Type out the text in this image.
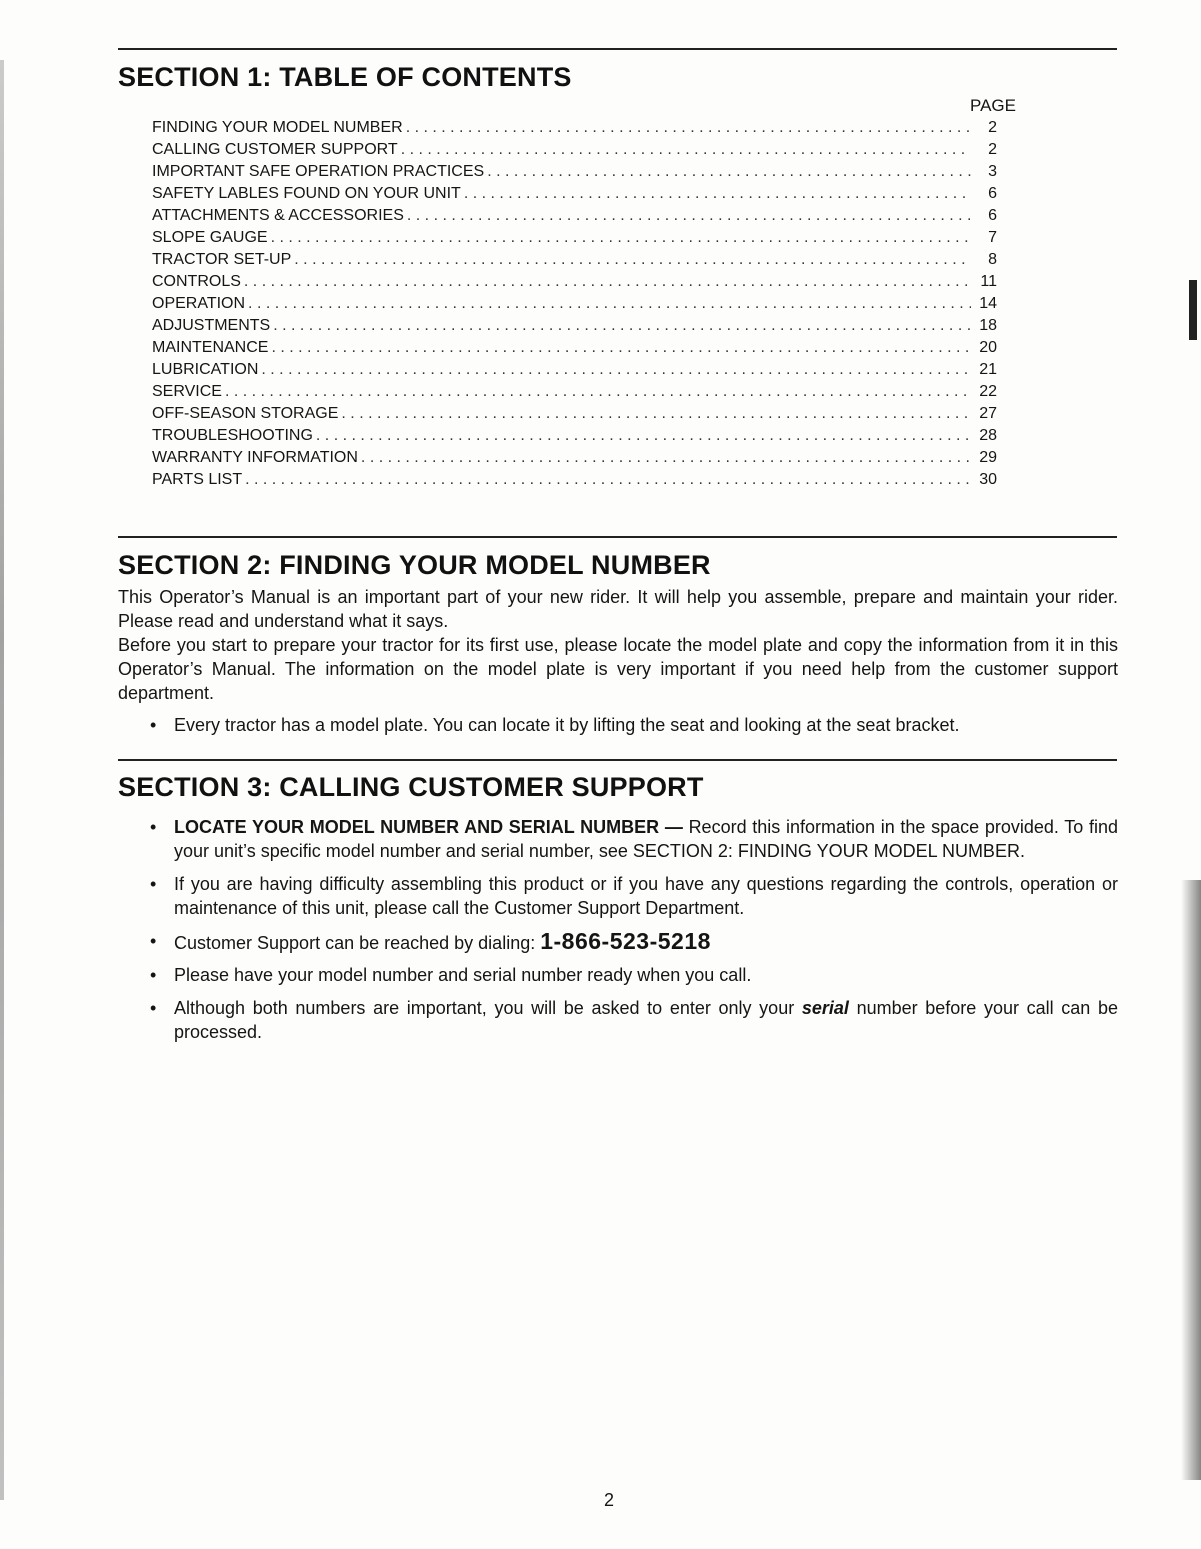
SECTION 1: TABLE OF CONTENTS
PAGE
FINDING YOUR MODEL NUMBER . . .	2
CALLING CUSTOMER SUPPORT . . .	2
IMPORTANT SAFE OPERATION PRACTICES . . .	3
SAFETY LABLES FOUND ON YOUR UNIT . . .	6
ATTACHMENTS & ACCESSORIES . . .	6
SLOPE GAUGE . . .	7
TRACTOR SET-UP . . .	8
CONTROLS . . .	11
OPERATION . . .	14
ADJUSTMENTS . . .	18
MAINTENANCE . . .	20
LUBRICATION . . .	21
SERVICE . . .	22
OFF-SEASON STORAGE . . .	27
TROUBLESHOOTING . . .	28
WARRANTY INFORMATION . . .	29
PARTS LIST . . .	30
SECTION 2: FINDING YOUR MODEL NUMBER

This Operator’s Manual is an important part of your new rider. It will help you assemble, prepare and maintain your rider. Please read and understand what it says.

Before you start to prepare your tractor for its first use, please locate the model plate and copy the information from it in this Operator’s Manual. The information on the model plate is very important if you need help from the customer support department.

• Every tractor has a model plate. You can locate it by lifting the seat and looking at the seat bracket.
SECTION 3: CALLING CUSTOMER SUPPORT
• LOCATE YOUR MODEL NUMBER AND SERIAL NUMBER — Record this information in the space provided. To find your unit’s specific model number and serial number, see SECTION 2: FINDING YOUR MODEL NUMBER.
• If you are having difficulty assembling this product or if you have any questions regarding the controls, operation or maintenance of this unit, please call the Customer Support Department.
• Customer Support can be reached by dialing: 1-866-523-5218
• Please have your model number and serial number ready when you call.
• Although both numbers are important, you will be asked to enter only your serial number before your call can be processed.
2
